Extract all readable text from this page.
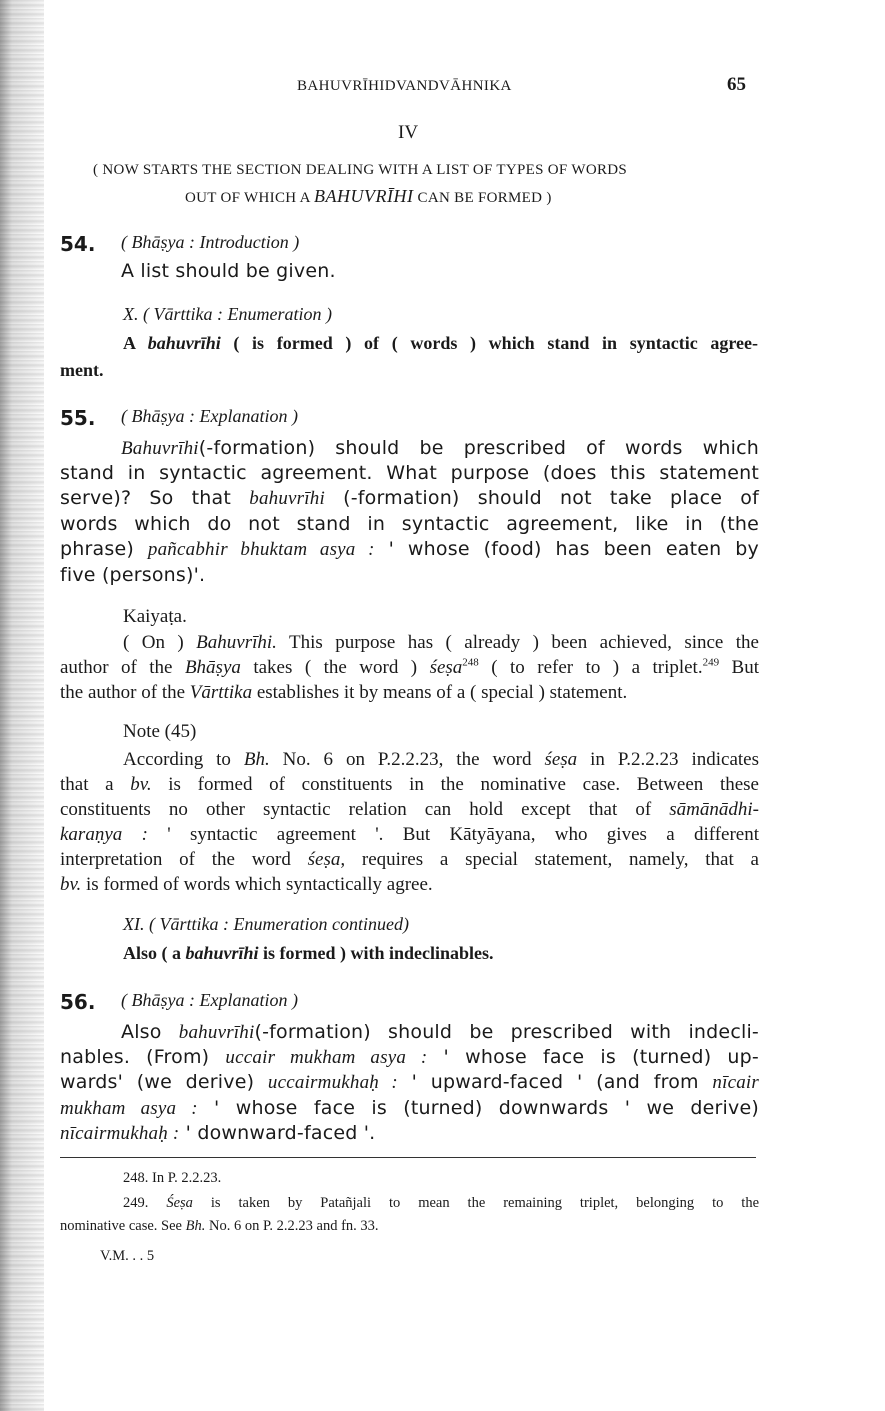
BAHUVRĪHIDVANDVĀHNIKA	65
IV
( NOW STARTS THE SECTION DEALING WITH A LIST OF TYPES OF WORDS
OUT OF WHICH A BAHUVRĪHI CAN BE FORMED )
54. ( Bhāṣya : Introduction )
A list should be given.
X. ( Vārttika : Enumeration )
A bahuvrīhi ( is formed ) of ( words ) which stand in syntactic agree-
ment.
55. ( Bhāṣya : Explanation )
Bahuvrīhi(-formation) should be prescribed of words which
stand in syntactic agreement. What purpose (does this statement
serve)? So that bahuvrīhi (-formation) should not take place of
words which do not stand in syntactic agreement, like in (the
phrase) pañcabhir bhuktam asya : ' whose (food) has been eaten by
five (persons)'.
Kaiyaṭa.
( On ) Bahuvrīhi. This purpose has ( already ) been achieved, since the
author of the Bhāṣya takes ( the word ) śeṣa$^{248}$ ( to refer to ) a triplet.$^{249}$ But
the author of the Vārttika establishes it by means of a ( special ) statement.
Note (45)
According to Bh. No. 6 on P.2.2.23, the word śeṣa in P.2.2.23 indicates
that a bv. is formed of constituents in the nominative case. Between these
constituents no other syntactic relation can hold except that of sāmānādhi-
karaṇya : ' syntactic agreement '. But Kātyāyana, who gives a different
interpretation of the word śeṣa, requires a special statement, namely, that a
bv. is formed of words which syntactically agree.
XI. ( Vārttika : Enumeration continued)
Also ( a bahuvrīhi is formed ) with indeclinables.
56. ( Bhāṣya : Explanation )
Also bahuvrīhi(-formation) should be prescribed with indecli-
nables. (From) uccair mukham asya : ' whose face is (turned) up-
wards' (we derive) uccairmukhaḥ : ' upward-faced ' (and from nīcair
mukham asya : ' whose face is (turned) downwards ' we derive)
nīcairmukhaḥ : ' downward-faced '.
248. In P. 2.2.23.
249. Śeṣa is taken by Patañjali to mean the remaining triplet, belonging to the
nominative case. See Bh. No. 6 on P. 2.2.23 and fn. 33.
V.M. . . 5
